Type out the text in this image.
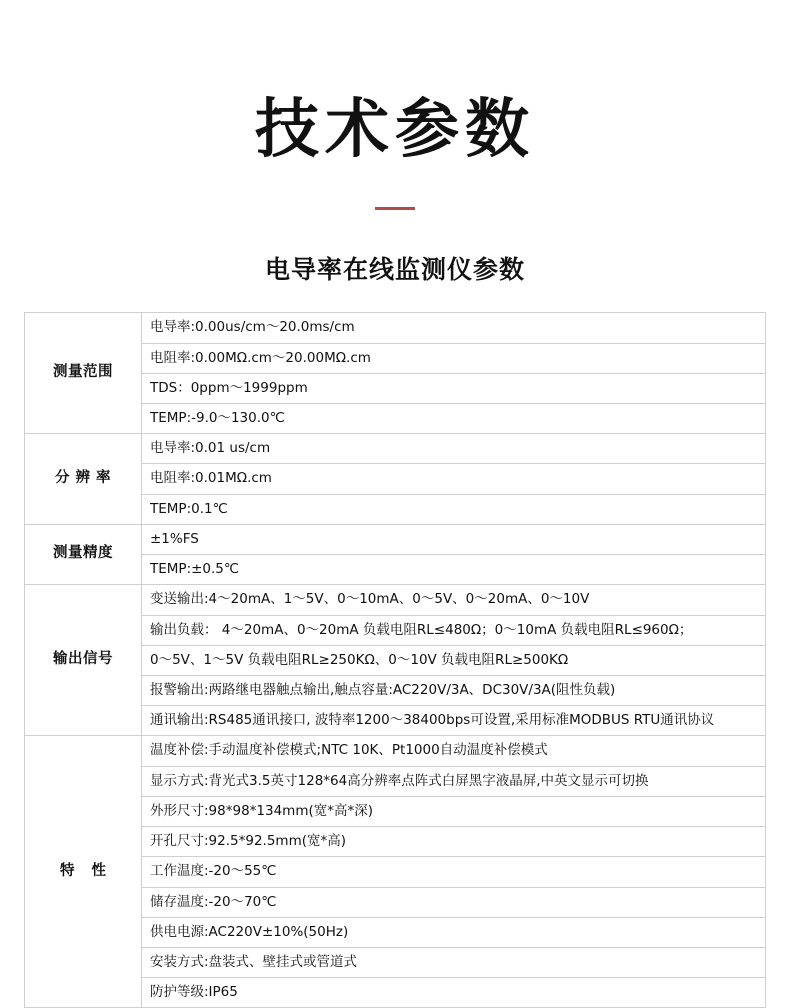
技术参数
电导率在线监测仪参数
测量范围	电导率:0.00us/cm～20.0ms/cm
	电阻率:0.00MΩ.cm～20.00MΩ.cm
	TDS：0ppm～1999ppm
	TEMP:-9.0～130.0℃
分 辨 率	电导率:0.01 us/cm
	电阻率:0.01MΩ.cm
	TEMP:0.1℃
测量精度	±1%FS
	TEMP:±0.5℃
输出信号	变送输出:4～20mA、1～5V、0～10mA、0～5V、0～20mA、0～10V
	输出负载： 4～20mA、0～20mA 负载电阻RL≤480Ω；0～10mA 负载电阻RL≤960Ω；
	0～5V、1～5V 负载电阻RL≥250KΩ、0～10V 负载电阻RL≥500KΩ
	报警输出:两路继电器触点输出,触点容量:AC220V/3A、DC30V/3A(阻性负载)
	通讯输出:RS485通讯接口, 波特率1200～38400bps可设置,采用标准MODBUS RTU通讯协议
特 性	温度补偿:手动温度补偿模式;NTC 10K、Pt1000自动温度补偿模式
	显示方式:背光式3.5英寸128*64高分辨率点阵式白屏黑字液晶屏,中英文显示可切换
	外形尺寸:98*98*134mm(宽*高*深)
	开孔尺寸:92.5*92.5mm(宽*高)
	工作温度:-20～55℃
	储存温度:-20～70℃
	供电电源:AC220V±10%(50Hz)
	安装方式:盘装式、壁挂式或管道式
	防护等级:IP65
